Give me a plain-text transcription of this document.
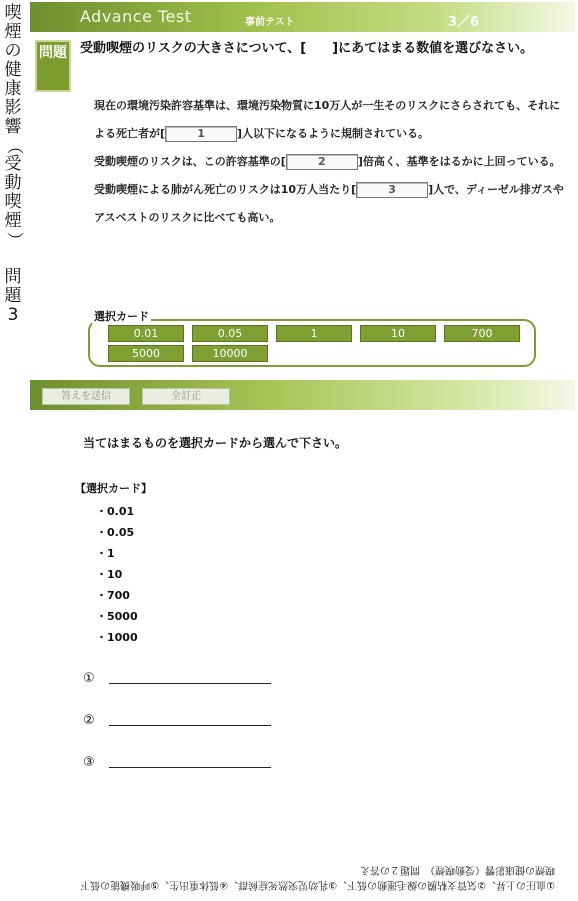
喫
煙
の
健
康
影
響
（
受
動
喫
煙
）

問
題
3
Advance Test	事前テスト	3／6
問題	受動喫煙のリスクの大きさについて、[　　]にあてはまる数値を選びなさい。
現在の環境汚染許容基準は、環境汚染物質に10万人が一生そのリスクにさらされても、それによる死亡者が[	1	]人以下になるように規制されている。
受動喫煙のリスクは、この許容基準の[	2	]倍高く、基準をはるかに上回っている。
受動喫煙による肺がん死亡のリスクは10万人当たり[	3	]人で、ディーゼル排ガスやアスベストのリスクに比べても高い。
選択カード
0.01	0.05	1	10	700
5000	10000
答えを送信	全訂正
当てはまるものを選択カードから選んで下さい。
【選択カード】
・0.01
・0.05
・1
・10
・700
・5000
・1000
①
②
③
①血圧の上昇、②気管支粘膜の線毛運動の低下、③乳幼児突然死症候群、④低体重出生、⑤呼吸機能の低下
喫煙の健康影響（受動喫煙）　問題２の答え
